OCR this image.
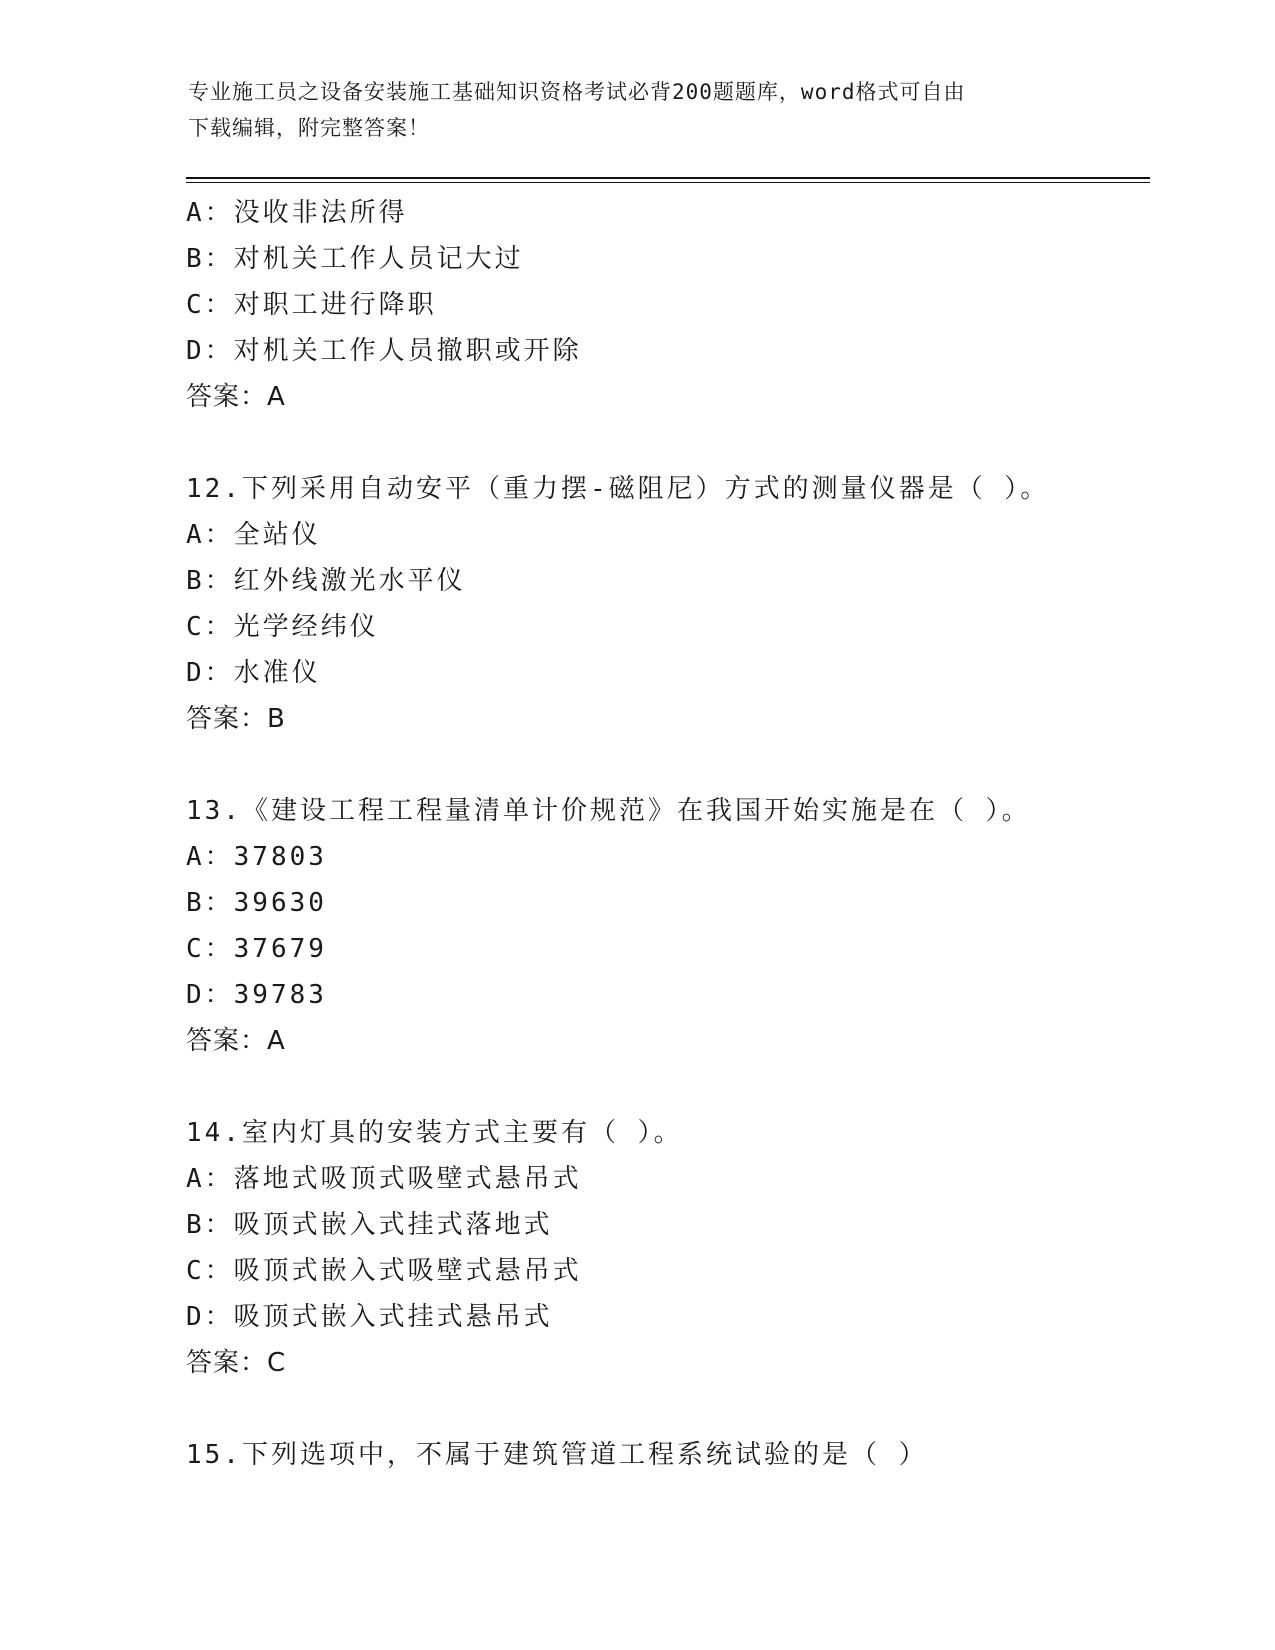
专业施工员之设备安装施工基础知识资格考试必背200题题库，word格式可自由
下载编辑，附完整答案！
A：没收非法所得
B：对机关工作人员记大过
C：对职工进行降职
D：对机关工作人员撤职或开除
答案：A
12.下列采用自动安平（重力摆-磁阻尼）方式的测量仪器是（ ）。
A：全站仪
B：红外线激光水平仪
C：光学经纬仪
D：水准仪
答案：B
13.《建设工程工程量清单计价规范》在我国开始实施是在（ ）。
A：37803
B：39630
C：37679
D：39783
答案：A
14.室内灯具的安装方式主要有（ ）。
A：落地式吸顶式吸壁式悬吊式
B：吸顶式嵌入式挂式落地式
C：吸顶式嵌入式吸壁式悬吊式
D：吸顶式嵌入式挂式悬吊式
答案：C
15.下列选项中，不属于建筑管道工程系统试验的是（ ）
